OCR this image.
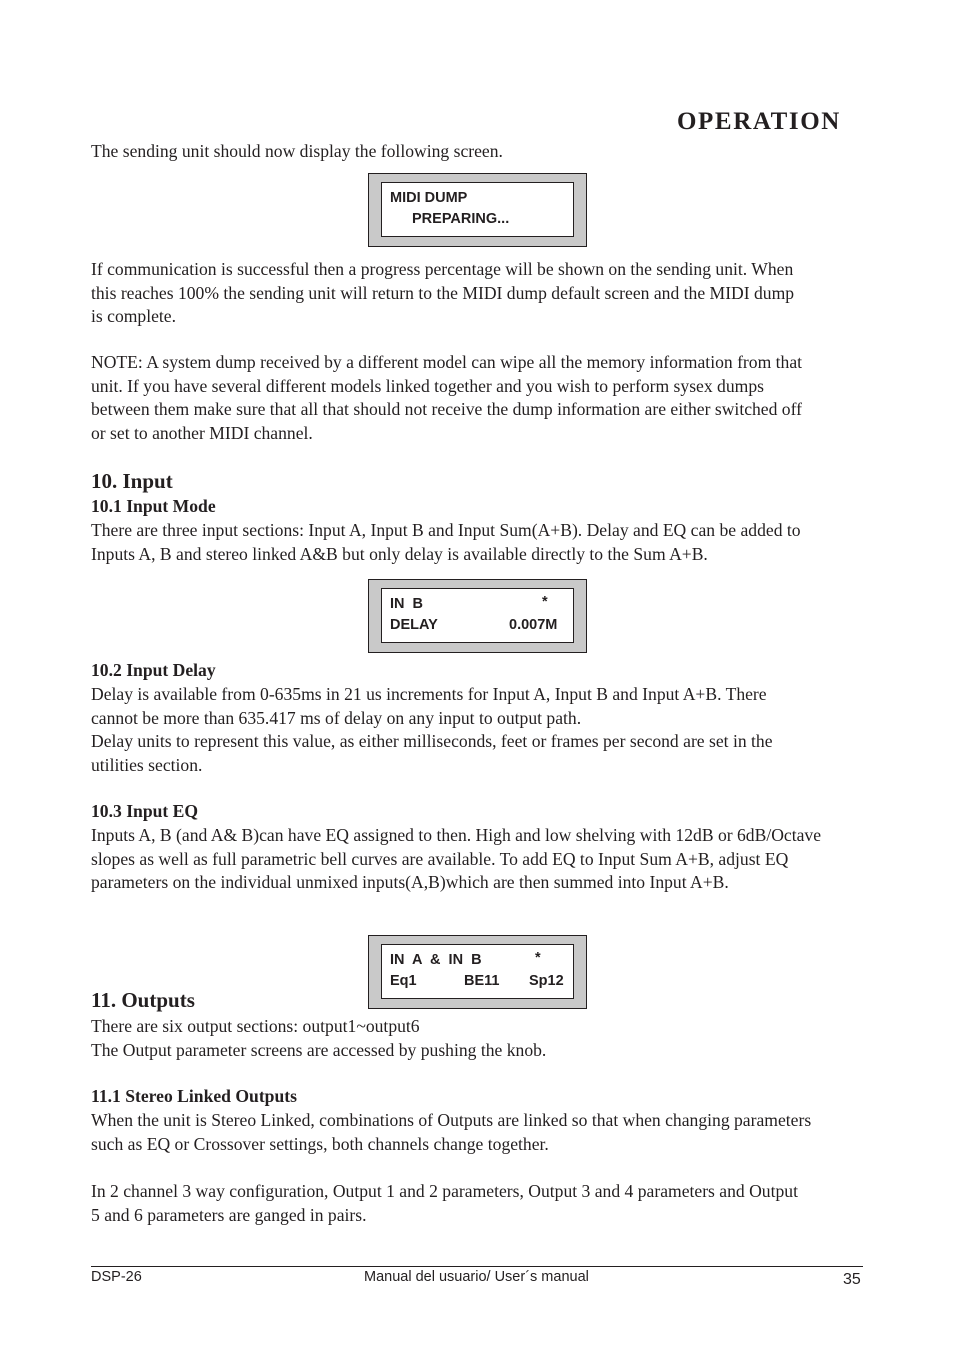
OPERATION
The sending unit should now display the following screen.
MIDI DUMP
PREPARING...
If communication is successful then a progress percentage will be shown on the sending unit. When
this reaches 100% the sending unit will return to the MIDI dump default screen and the MIDI dump
is complete.
NOTE: A system dump received by a different model can wipe all the memory information from that
unit. If you have several different models linked together and you wish to perform sysex dumps
between them make sure that all that should not receive the dump information are either switched off
or set to another MIDI channel.
10. Input
10.1 Input Mode
There are three input sections: Input A, Input B and Input Sum(A+B). Delay and EQ can be added to
Inputs A, B and stereo linked A&B but only delay is available directly to the Sum A+B.
IN  B	*
DELAY	0.007M
10.2 Input Delay
Delay is available from 0-635ms in 21 us increments for Input A, Input B and Input A+B. There
cannot be more than 635.417 ms of delay on any input to output path.
Delay units to represent this value, as either milliseconds, feet or frames per second are set in the
utilities section.
10.3 Input EQ
Inputs A, B (and A& B)can have EQ assigned to then. High and low shelving with 12dB or 6dB/Octave
slopes as well as full parametric bell curves are available. To add EQ to Input Sum A+B, adjust EQ
parameters on the individual unmixed inputs(A,B)which are then summed into Input A+B.
IN  A  &  IN  B	*
Eq1	BE11 Sp12
11. Outputs
There are six output sections: output1~output6
The Output parameter screens are accessed by pushing the knob.
11.1 Stereo Linked Outputs
When the unit is Stereo Linked, combinations of Outputs are linked so that when changing parameters
such as EQ or Crossover settings, both channels change together.
In 2 channel 3 way configuration, Output 1 and 2 parameters, Output 3 and 4 parameters and Output
5 and 6 parameters are ganged in pairs.
DSP-26	Manual del usuario/ User´s manual	35
